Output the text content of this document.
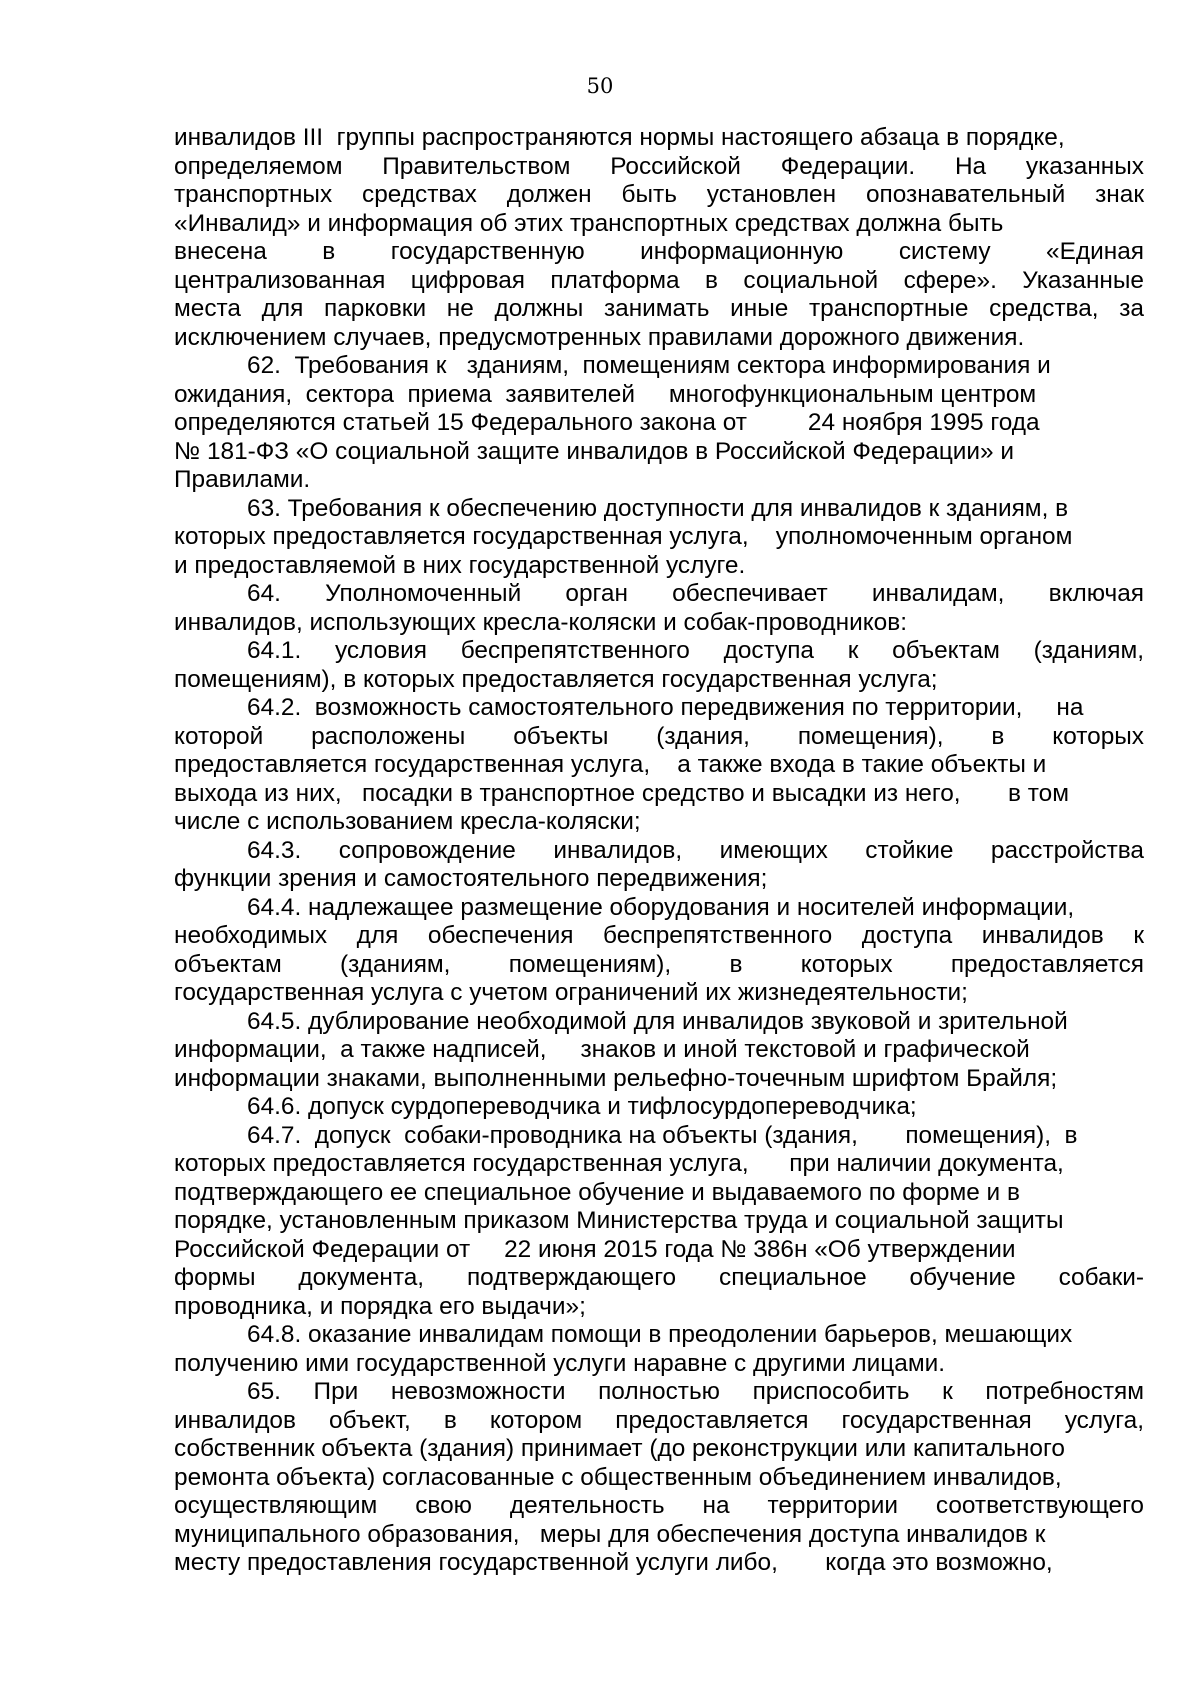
50
инвалидов III  группы распространяются нормы настоящего абзаца в порядке,
определяемом Правительством Российской Федерации. На указанных
транспортных средствах должен быть установлен опознавательный знак
«Инвалид» и информация об этих транспортных средствах должна быть
внесена в государственную информационную систему «Единая
централизованная цифровая платформа в социальной сфере». Указанные
места для парковки не должны занимать иные транспортные средства, за
исключением случаев, предусмотренных правилами дорожного движения.
62.  Требования к   зданиям,  помещениям сектора информирования и
ожидания,  сектора  приема  заявителей     многофункциональным центром
определяются статьей 15 Федерального закона от         24 ноября 1995 года
№ 181-ФЗ «О социальной защите инвалидов в Российской Федерации» и
Правилами.
63. Требования к обеспечению доступности для инвалидов к зданиям, в
которых предоставляется государственная услуга,    уполномоченным органом
и предоставляемой в них государственной услуге.
64. Уполномоченный орган обеспечивает инвалидам, включая
инвалидов, использующих кресла-коляски и собак-проводников:
64.1. условия беспрепятственного доступа к объектам (зданиям,
помещениям), в которых предоставляется государственная услуга;
64.2.  возможность самостоятельного передвижения по территории,     на
которой расположены объекты (здания, помещения), в которых
предоставляется государственная услуга,    а также входа в такие объекты и
выхода из них,   посадки в транспортное средство и высадки из него,       в том
числе с использованием кресла-коляски;
64.3. сопровождение инвалидов, имеющих стойкие расстройства
функции зрения и самостоятельного передвижения;
64.4. надлежащее размещение оборудования и носителей информации,
необходимых для обеспечения беспрепятственного доступа инвалидов к
объектам (зданиям, помещениям), в которых предоставляется
государственная услуга с учетом ограничений их жизнедеятельности;
64.5. дублирование необходимой для инвалидов звуковой и зрительной
информации,  а также надписей,     знаков и иной текстовой и графической
информации знаками, выполненными рельефно-точечным шрифтом Брайля;
64.6. допуск сурдопереводчика и тифлосурдопереводчика;
64.7.  допуск  собаки-проводника на объекты (здания,       помещения),  в
которых предоставляется государственная услуга,      при наличии документа,
подтверждающего ее специальное обучение и выдаваемого по форме и в
порядке, установленным приказом Министерства труда и социальной защиты
Российской Федерации от     22 июня 2015 года № 386н «Об утверждении
формы документа, подтверждающего специальное обучение собаки-
проводника, и порядка его выдачи»;
64.8. оказание инвалидам помощи в преодолении барьеров, мешающих
получению ими государственной услуги наравне с другими лицами.
65. При невозможности полностью приспособить к потребностям
инвалидов объект, в котором предоставляется государственная услуга,
собственник объекта (здания) принимает (до реконструкции или капитального
ремонта объекта) согласованные с общественным объединением инвалидов,
осуществляющим свою деятельность на территории соответствующего
муниципального образования,   меры для обеспечения доступа инвалидов к
месту предоставления государственной услуги либо,       когда это возможно,
